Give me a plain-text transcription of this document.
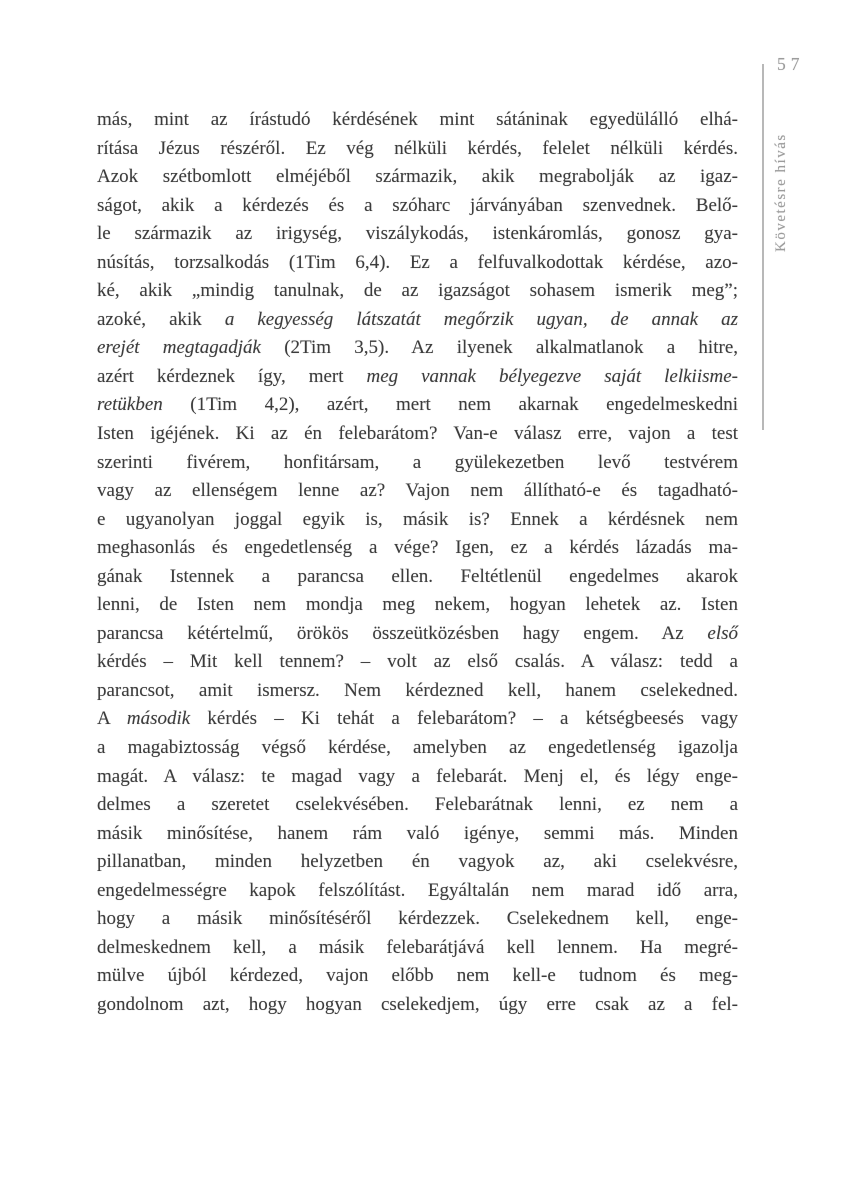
57
Követésre hívás
más, mint az írástudó kérdésének mint sátáninak egyedülálló elhá-
rítása Jézus részéről. Ez vég nélküli kérdés, felelet nélküli kérdés.
Azok szétbomlott elméjéből származik, akik megrabolják az igaz-
ságot, akik a kérdezés és a szóharc járványában szenvednek. Belő-
le származik az irigység, viszálykodás, istenkáromlás, gonosz gya-
núsítás, torzsalkodás (1Tim 6,4). Ez a felfuvalkodottak kérdése, azo-
ké, akik „mindig tanulnak, de az igazságot sohasem ismerik meg”;
azoké, akik a kegyesség látszatát megőrzik ugyan, de annak az
erejét megtagadják (2Tim 3,5). Az ilyenek alkalmatlanok a hitre,
azért kérdeznek így, mert meg vannak bélyegezve saját lelkiisme-
retükben (1Tim 4,2), azért, mert nem akarnak engedelmeskedni
Isten igéjének. Ki az én felebarátom? Van-e válasz erre, vajon a test
szerinti fivérem, honfitársam, a gyülekezetben levő testvérem
vagy az ellenségem lenne az? Vajon nem állítható-e és tagadható-
e ugyanolyan joggal egyik is, másik is? Ennek a kérdésnek nem
meghasonlás és engedetlenség a vége? Igen, ez a kérdés lázadás ma-
gának Istennek a parancsa ellen. Feltétlenül engedelmes akarok
lenni, de Isten nem mondja meg nekem, hogyan lehetek az. Isten
parancsa kétértelmű, örökös összeütközésben hagy engem. Az első
kérdés – Mit kell tennem? – volt az első csalás. A válasz: tedd a
parancsot, amit ismersz. Nem kérdezned kell, hanem cselekedned.
A második kérdés – Ki tehát a felebarátom? – a kétségbeesés vagy
a magabiztosság végső kérdése, amelyben az engedetlenség igazolja
magát. A válasz: te magad vagy a felebarát. Menj el, és légy enge-
delmes a szeretet cselekvésében. Felebarátnak lenni, ez nem a
másik minősítése, hanem rám való igénye, semmi más. Minden
pillanatban, minden helyzetben én vagyok az, aki cselekvésre,
engedelmességre kapok felszólítást. Egyáltalán nem marad idő arra,
hogy a másik minősítéséről kérdezzek. Cselekednem kell, enge-
delmeskednem kell, a másik felebarátjává kell lennem. Ha megré-
mülve újból kérdezed, vajon előbb nem kell-e tudnom és meg-
gondolnom azt, hogy hogyan cselekedjem, úgy erre csak az a fel-
